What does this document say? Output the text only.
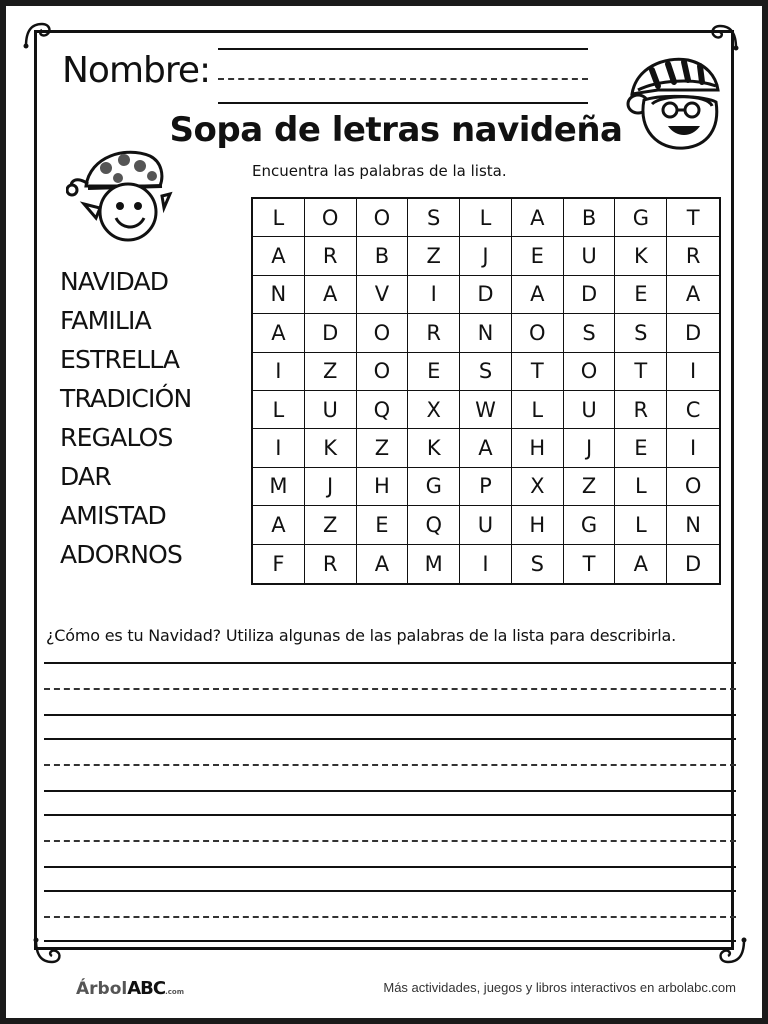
Nombre:
Sopa de letras navideña
Encuentra las palabras de la lista.
NAVIDAD
FAMILIA
ESTRELLA
TRADICIÓN
REGALOS
DAR
AMISTAD
ADORNOS
L	O	O	S	L	A	B	G	T
A	R	B	Z	J	E	U	K	R
N	A	V	I	D	A	D	E	A
A	D	O	R	N	O	S	S	D
I	Z	O	E	S	T	O	T	I
L	U	Q	X	W	L	U	R	C
I	K	Z	K	A	H	J	E	I
M	J	H	G	P	X	Z	L	O
A	Z	E	Q	U	H	G	L	N
F	R	A	M	I	S	T	A	D
¿Cómo es tu Navidad? Utiliza algunas de las palabras de la lista para describirla.
ÁrbolABC.com	Más actividades, juegos y libros interactivos en arbolabc.com
